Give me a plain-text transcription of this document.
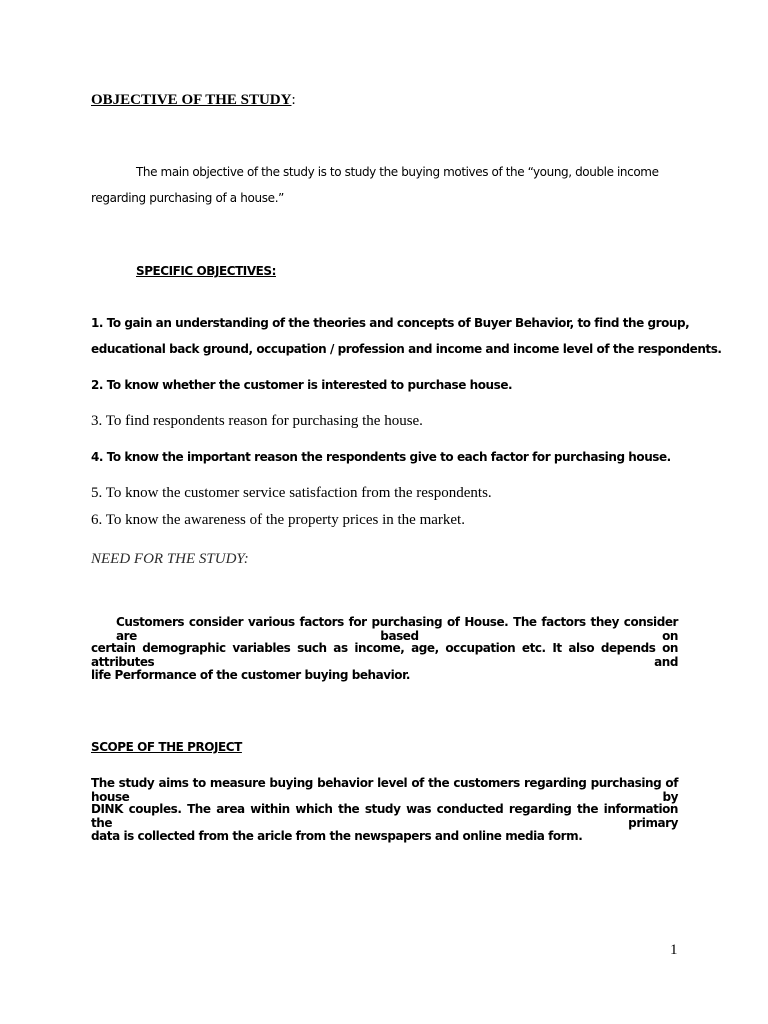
OBJECTIVE OF THE STUDY:

The main objective of the study is to study the buying motives of the “young, double income

regarding purchasing of a house.”

SPECIFIC OBJECTIVES:

1. To gain an understanding of the theories and concepts of Buyer Behavior, to find the group,

educational back ground, occupation / profession and income and income level of the respondents.

2. To know whether the customer is interested to purchase house.

3. To find respondents reason for purchasing the house.

4. To know the important reason the respondents give to each factor for purchasing house.

5. To know the customer service satisfaction from the respondents.

6. To know the awareness of the property prices in the market.

NEED FOR THE STUDY:

Customers consider various factors for purchasing of House. The factors they consider are based on

certain demographic variables such as income, age, occupation etc. It also depends on attributes and

life Performance of the customer buying behavior.

SCOPE OF THE PROJECT

The study aims to measure buying behavior level of the customers regarding purchasing of house by

DINK couples. The area within which the study was conducted regarding the information the primary

data is collected from the aricle from the newspapers and online media form.

1
